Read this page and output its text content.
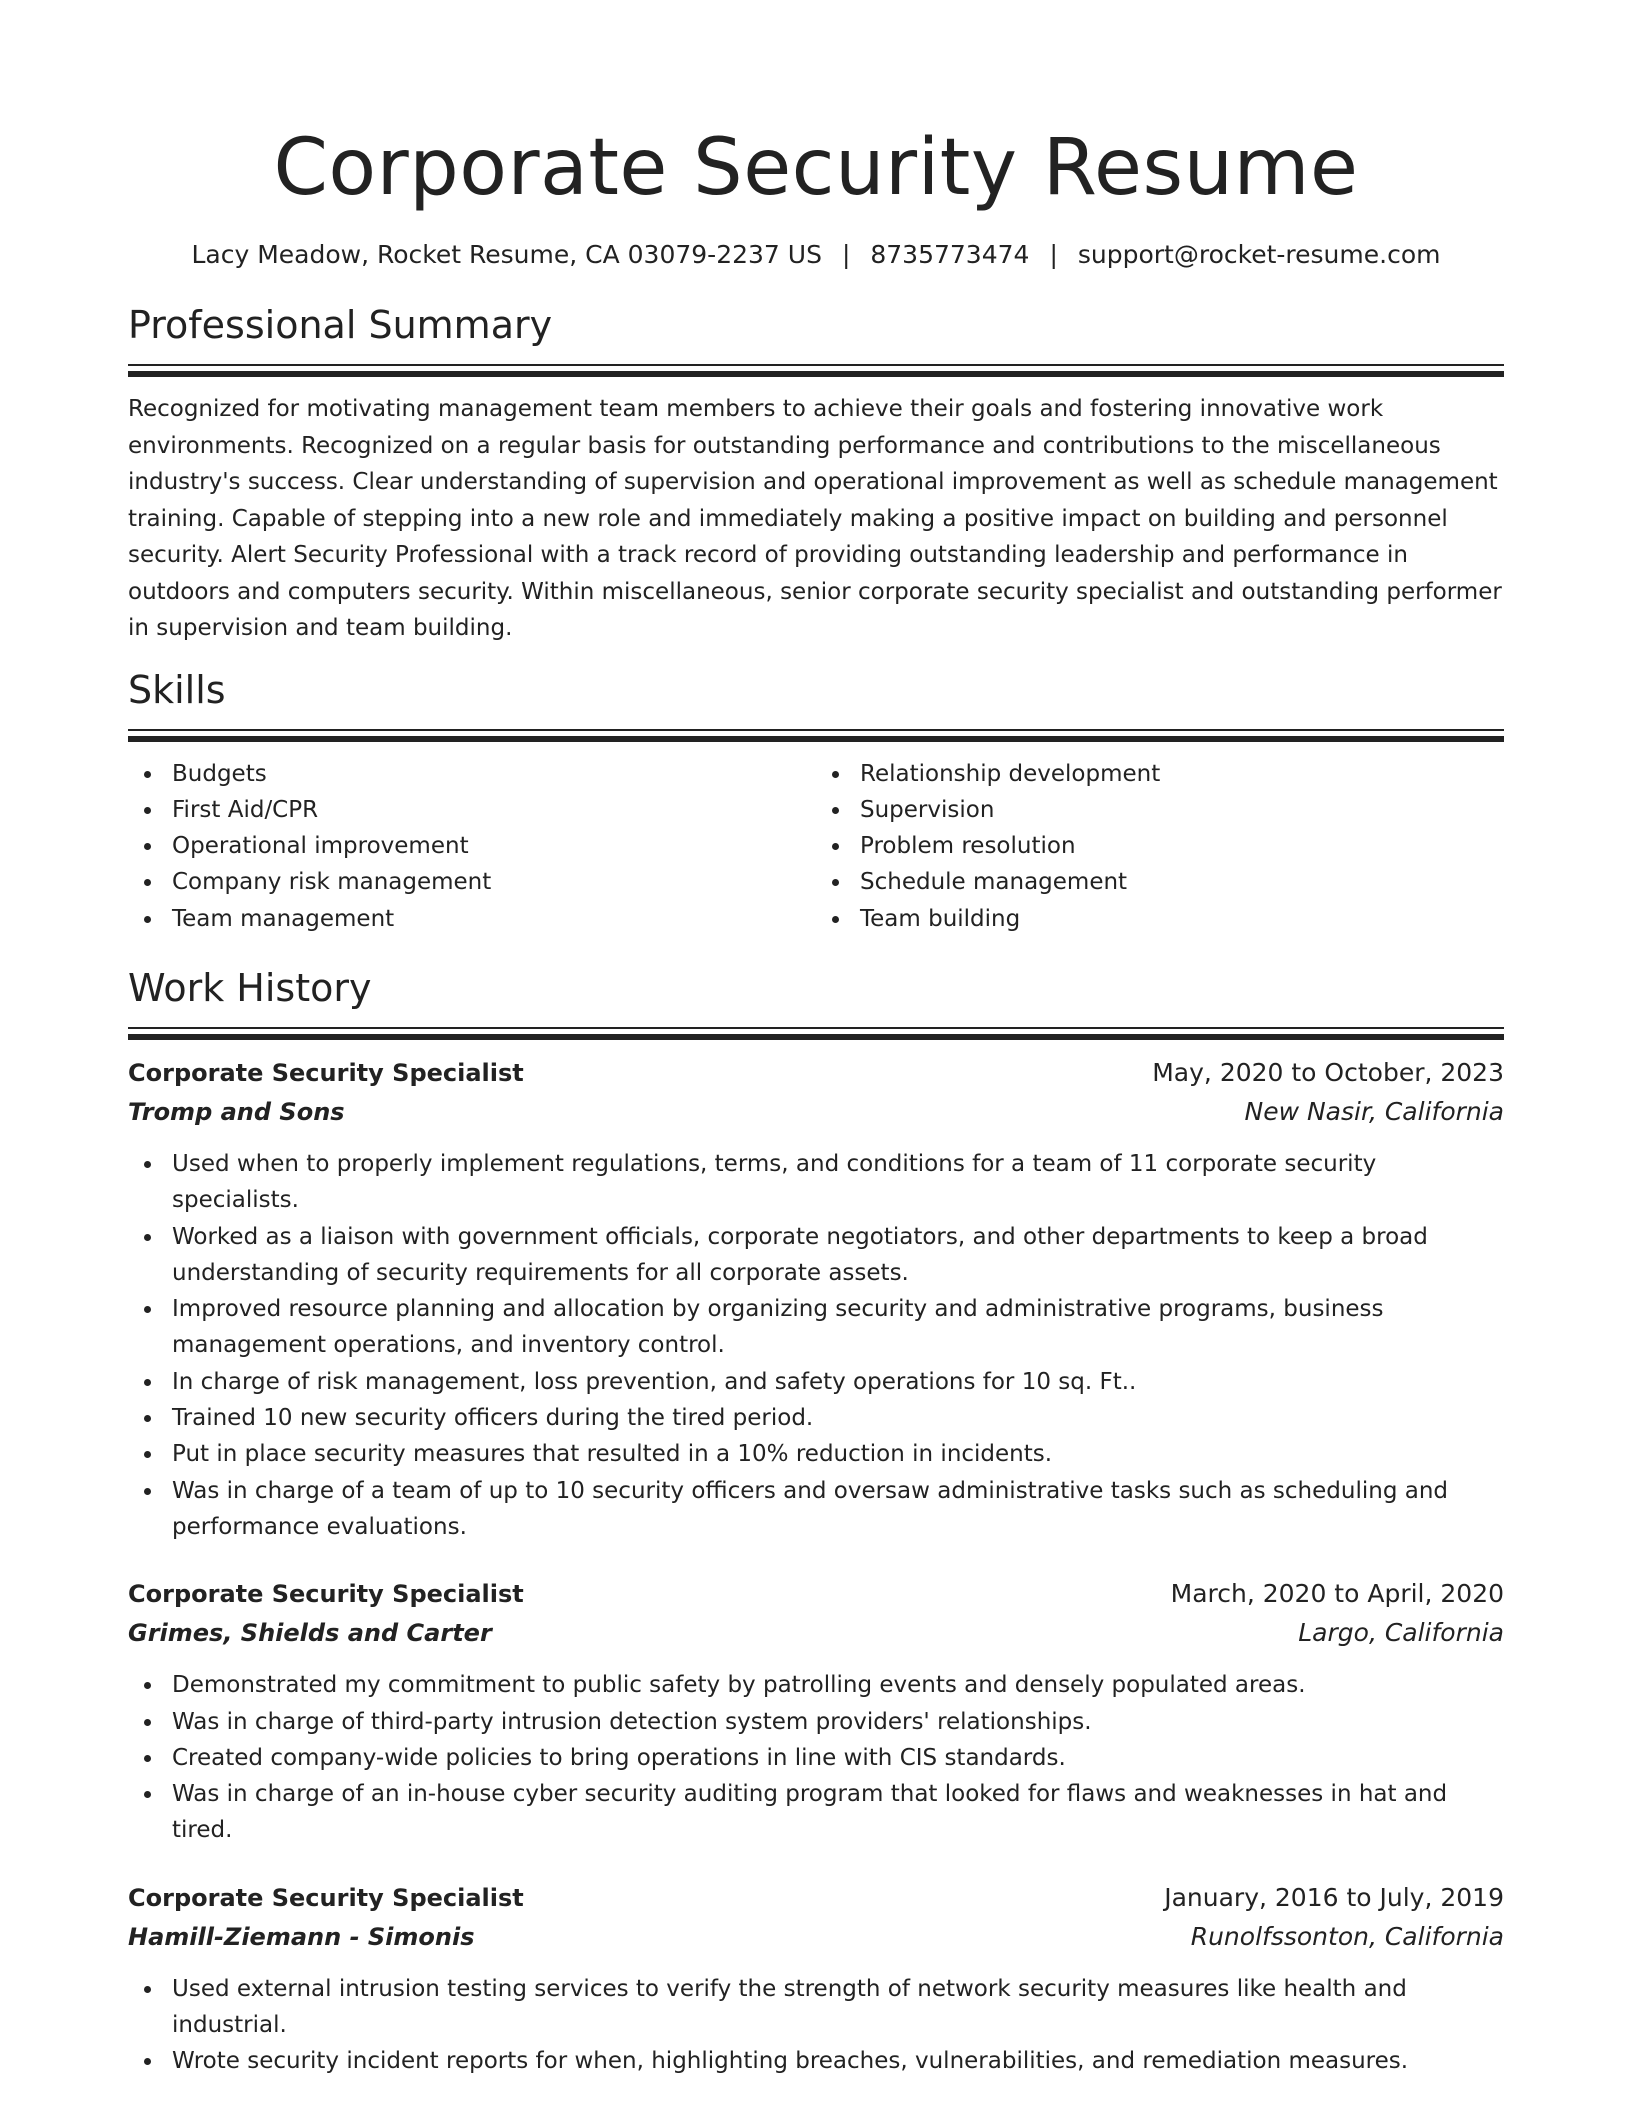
Corporate Security Resume
Lacy Meadow, Rocket Resume, CA 03079-2237 US | 8735773474 | support@rocket-resume.com
Professional Summary

Recognized for motivating management team members to achieve their goals and fostering innovative work environments. Recognized on a regular basis for outstanding performance and contributions to the miscellaneous industry's success. Clear understanding of supervision and operational improvement as well as schedule management training. Capable of stepping into a new role and immediately making a positive impact on building and personnel security. Alert Security Professional with a track record of providing outstanding leadership and performance in outdoors and computers security. Within miscellaneous, senior corporate security specialist and outstanding performer in supervision and team building.

Skills
Budgets
First Aid/CPR
Operational improvement
Company risk management
Team management
Relationship development
Supervision
Problem resolution
Schedule management
Team building
Work History
Corporate Security Specialist	May, 2020 to October, 2023
Tromp and Sons	New Nasir, California
Used when to properly implement regulations, terms, and conditions for a team of 11 corporate security specialists.
Worked as a liaison with government officials, corporate negotiators, and other departments to keep a broad understanding of security requirements for all corporate assets.
Improved resource planning and allocation by organizing security and administrative programs, business management operations, and inventory control.
In charge of risk management, loss prevention, and safety operations for 10 sq. Ft..
Trained 10 new security officers during the tired period.
Put in place security measures that resulted in a 10% reduction in incidents.
Was in charge of a team of up to 10 security officers and oversaw administrative tasks such as scheduling and performance evaluations.
Corporate Security Specialist	March, 2020 to April, 2020
Grimes, Shields and Carter	Largo, California
Demonstrated my commitment to public safety by patrolling events and densely populated areas.
Was in charge of third-party intrusion detection system providers' relationships.
Created company-wide policies to bring operations in line with CIS standards.
Was in charge of an in-house cyber security auditing program that looked for flaws and weaknesses in hat and tired.
Corporate Security Specialist	January, 2016 to July, 2019
Hamill-Ziemann - Simonis	Runolfssonton, California
Used external intrusion testing services to verify the strength of network security measures like health and industrial.
Wrote security incident reports for when, highlighting breaches, vulnerabilities, and remediation measures.
